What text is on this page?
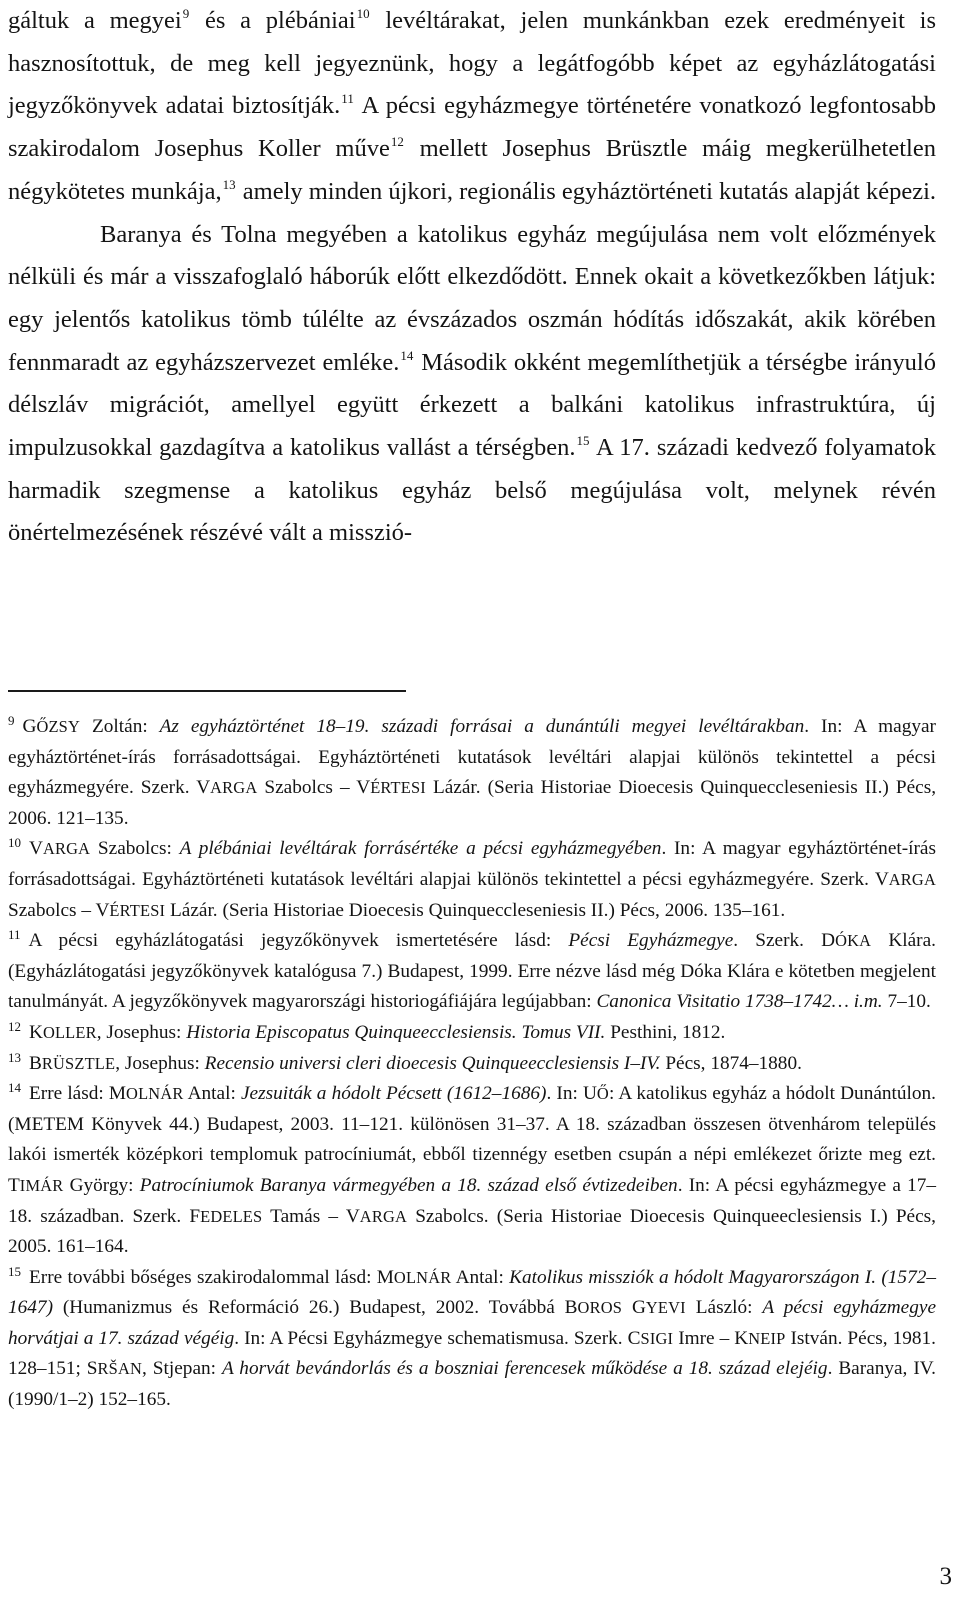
gáltuk a megyei$^9$ és a plébániai$^{10}$ levéltárakat, jelen munkánkban ezek eredményeit is hasznosítottuk, de meg kell jegyeznünk, hogy a legátfogóbb képet az egyházlátogatási jegyzőkönyvek adatai biztosítják.$^{11}$ A pécsi egyházmegye történetére vonatkozó legfontosabb szakirodalom Josephus Koller műve$^{12}$ mellett Josephus Brüsztle máig megkerülhetetlen négykötetes munkája,$^{13}$ amely minden újkori, regionális egyháztörténeti kutatás alapját képezi.

Baranya és Tolna megyében a katolikus egyház megújulása nem volt előzmények nélküli és már a visszafoglaló háborúk előtt elkezdődött. Ennek okait a következőkben látjuk: egy jelentős katolikus tömb túlélte az évszázados oszmán hódítás időszakát, akik körében fennmaradt az egyházszervezet emléke.$^{14}$ Második okként megemlíthetjük a térségbe irányuló délszláv migrációt, amellyel együtt érkezett a balkáni katolikus infrastruktúra, új impulzusokkal gazdagítva a katolikus vallást a térségben.$^{15}$ A 17. századi kedvező folyamatok harmadik szegmense a katolikus egyház belső megújulása volt, melynek révén önértelmezésének részévé vált a misszió-

$^9$ GŐZSY Zoltán: Az egyháztörténet 18–19. századi forrásai a dunántúli megyei levéltárakban. In: A magyar egyháztörténet-írás forrásadottságai. Egyháztörténeti kutatások levéltári alapjai különös tekintettel a pécsi egyházmegyére. Szerk. VARGA Szabolcs – VÉRTESI Lázár. (Seria Historiae Dioecesis Quinqueccleseniesis II.) Pécs, 2006. 121–135.

$^{10}$ VARGA Szabolcs: A plébániai levéltárak forrásértéke a pécsi egyházmegyében. In: A magyar egyháztörténet-írás forrásadottságai. Egyháztörténeti kutatások levéltári alapjai különös tekintettel a pécsi egyházmegyére. Szerk. VARGA Szabolcs – VÉRTESI Lázár. (Seria Historiae Dioecesis Quinqueccleseniesis II.) Pécs, 2006. 135–161.

$^{11}$ A pécsi egyházlátogatási jegyzőkönyvek ismertetésére lásd: Pécsi Egyházmegye. Szerk. DÓKA Klára. (Egyházlátogatási jegyzőkönyvek katalógusa 7.) Budapest, 1999. Erre nézve lásd még Dóka Klára e kötetben megjelent tanulmányát. A jegyzőkönyvek magyarországi historiogáfiájára legújabban: Canonica Visitatio 1738–1742… i.m. 7–10.

$^{12}$ KOLLER, Josephus: Historia Episcopatus Quinqueecclesiensis. Tomus VII. Pesthini, 1812.

$^{13}$ BRÜSZTLE, Josephus: Recensio universi cleri dioecesis Quinqueecclesiensis I–IV. Pécs, 1874–1880.

$^{14}$ Erre lásd: MOLNÁR Antal: Jezsuiták a hódolt Pécsett (1612–1686). In: UŐ: A katolikus egyház a hódolt Dunántúlon. (METEM Könyvek 44.) Budapest, 2003. 11–121. különösen 31–37. A 18. században összesen ötvenhárom település lakói ismerték középkori templomuk patrocíniumát, ebből tizennégy esetben csupán a népi emlékezet őrizte meg ezt. TIMÁR György: Patrocíniumok Baranya vármegyében a 18. század első évtizedeiben. In: A pécsi egyházmegye a 17–18. században. Szerk. FEDELES Tamás – VARGA Szabolcs. (Seria Historiae Dioecesis Quinqueeclesiensis I.) Pécs, 2005. 161–164.

$^{15}$ Erre további bőséges szakirodalommal lásd: MOLNÁR Antal: Katolikus missziók a hódolt Magyarországon I. (1572–1647) (Humanizmus és Reformáció 26.) Budapest, 2002. Továbbá BOROS GYEVI László: A pécsi egyházmegye horvátjai a 17. század végéig. In: A Pécsi Egyházmegye schematismusa. Szerk. CSIGI Imre – KNEIP István. Pécs, 1981. 128–151; SRŠAN, Stjepan: A horvát bevándorlás és a boszniai ferencesek működése a 18. század elejéig. Baranya, IV. (1990/1–2) 152–165.

3
